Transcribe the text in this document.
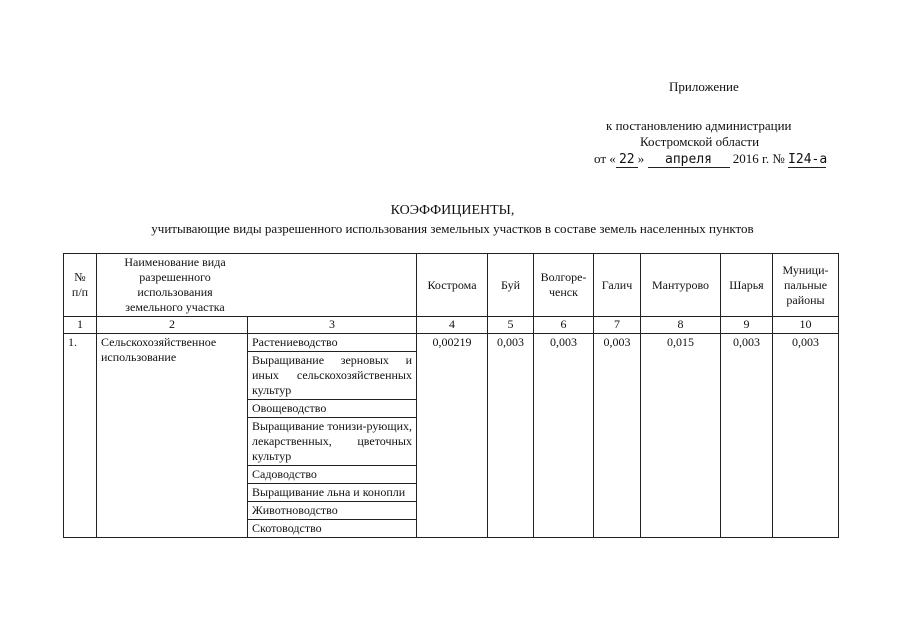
Приложение
к постановлению администрации
Костромской области
от « 22 » апреля 2016 г. № I24-а
КОЭФФИЦИЕНТЫ,
учитывающие виды разрешенного использования земельных участков в составе земель населенных пунктов
№ п/п	Наименование вида разрешенного использования земельного участка		Кострома	Буй	Волгорe-ченск	Галич	Мантурово	Шарья	Муници-пальные районы
1	2	3	4	5	6	7	8	9	10
1.	Сельскохозяйственное использование	Растениеводство	0,00219	0,003	0,003	0,003	0,015	0,003	0,003
		Выращивание зерновых и иных сельскохозяйственных культур							
		Овощеводство							
		Выращивание тонизи-рующих, лекарственных, цветочных культур							
		Садоводство							
		Выращивание льна и конопли							
		Животноводство							
		Скотоводство							
